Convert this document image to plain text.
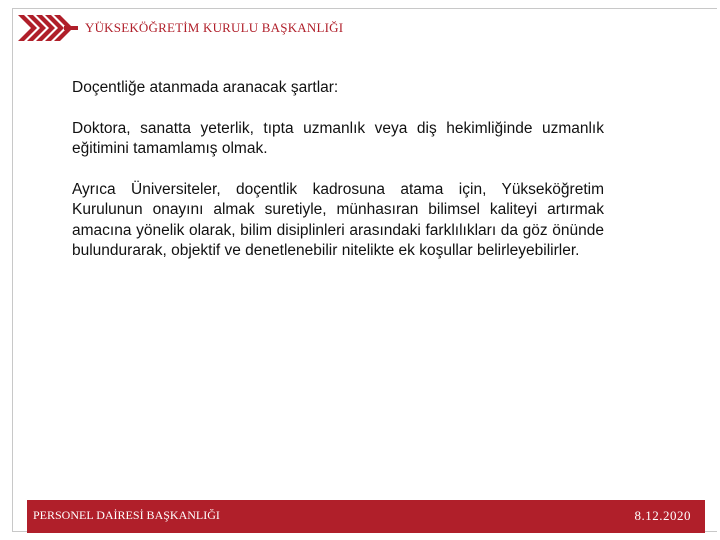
YÜKSEKÖĞRETİM KURULU BAŞKANLIĞI

Doçentliğe atanmada aranacak şartlar:

Doktora, sanatta yeterlik, tıpta uzmanlık veya diş hekimliğinde uzmanlık eğitimini tamamlamış olmak.

Ayrıca Üniversiteler, doçentlik kadrosuna atama için, Yükseköğretim Kurulunun onayını almak suretiyle, münhasıran bilimsel kaliteyi artırmak amacına yönelik olarak, bilim disiplinleri arasındaki farklılıkları da göz önünde bulundurarak, objektif ve denetlenebilir nitelikte ek koşullar belirleyebilirler.

PERSONEL DAİRESİ BAŞKANLIĞI	8.12.2020
